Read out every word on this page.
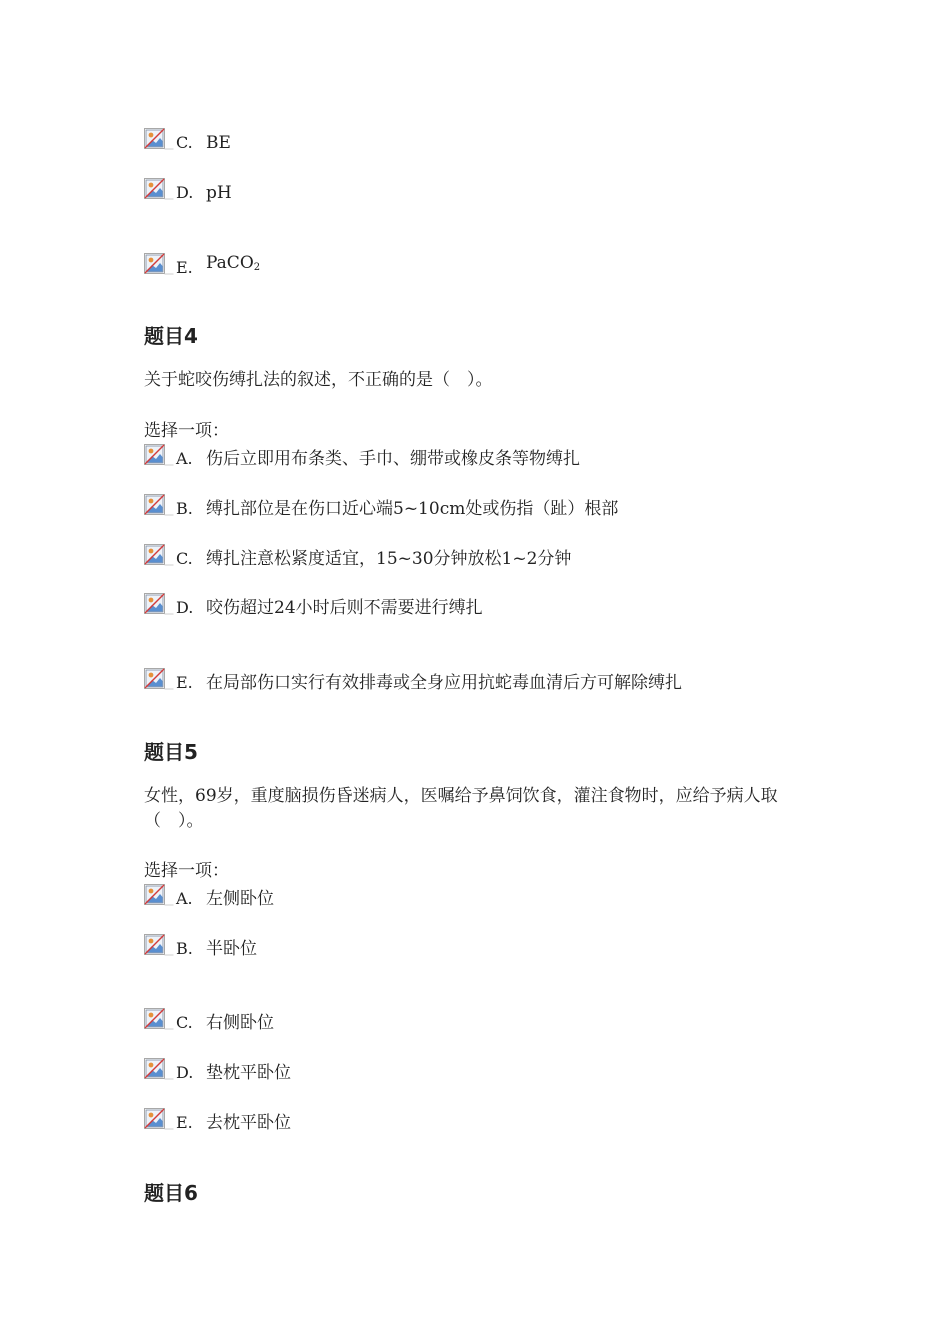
C. BE
D. pH
E. PaCO$_2$
题目4
关于蛇咬伤缚扎法的叙述，不正确的是（　）。
选择一项：
A. 伤后立即用布条类、手巾、绷带或橡皮条等物缚扎
B. 缚扎部位是在伤口近心端5~10cm处或伤指（趾）根部
C. 缚扎注意松紧度适宜，15~30分钟放松1~2分钟
D. 咬伤超过24小时后则不需要进行缚扎
E. 在局部伤口实行有效排毒或全身应用抗蛇毒血清后方可解除缚扎
题目5
女性，69岁，重度脑损伤昏迷病人，医嘱给予鼻饲饮食，灌注食物时，应给予病人取（　）。
选择一项：
A. 左侧卧位
B. 半卧位
C. 右侧卧位
D. 垫枕平卧位
E. 去枕平卧位
题目6
